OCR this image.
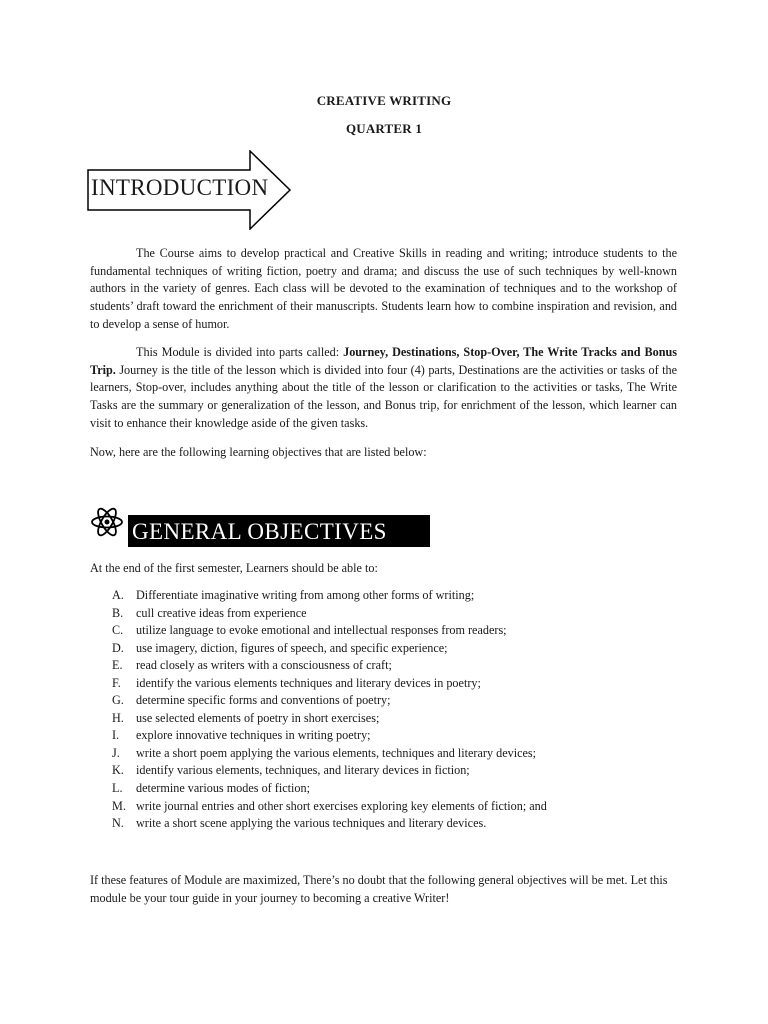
CREATIVE WRITING
QUARTER 1
INTRODUCTION

The Course aims to develop practical and Creative Skills in reading and writing; introduce students to the fundamental techniques of writing fiction, poetry and drama; and discuss the use of such techniques by well-known authors in the variety of genres. Each class will be devoted to the examination of techniques and to the workshop of students’ draft toward the enrichment of their manuscripts. Students learn how to combine inspiration and revision, and to develop a sense of humor.

This Module is divided into parts called: Journey, Destinations, Stop-Over, The Write Tracks and Bonus Trip. Journey is the title of the lesson which is divided into four (4) parts, Destinations are the activities or tasks of the learners, Stop-over, includes anything about the title of the lesson or clarification to the activities or tasks, The Write Tasks are the summary or generalization of the lesson, and Bonus trip, for enrichment of the lesson, which learner can visit to enhance their knowledge aside of the given tasks.

Now, here are the following learning objectives that are listed below:

GENERAL OBJECTIVES

At the end of the first semester, Learners should be able to:

A. Differentiate imaginative writing from among other forms of writing;
B. cull creative ideas from experience
C. utilize language to evoke emotional and intellectual responses from readers;
D. use imagery, diction, figures of speech, and specific experience;
E. read closely as writers with a consciousness of craft;
F. identify the various elements techniques and literary devices in poetry;
G. determine specific forms and conventions of poetry;
H. use selected elements of poetry in short exercises;
I. explore innovative techniques in writing poetry;
J. write a short poem applying the various elements, techniques and literary devices;
K. identify various elements, techniques, and literary devices in fiction;
L. determine various modes of fiction;
M. write journal entries and other short exercises exploring key elements of fiction; and
N. write a short scene applying the various techniques and literary devices.

If these features of Module are maximized, There’s no doubt that the following general objectives will be met. Let this module be your tour guide in your journey to becoming a creative Writer!
